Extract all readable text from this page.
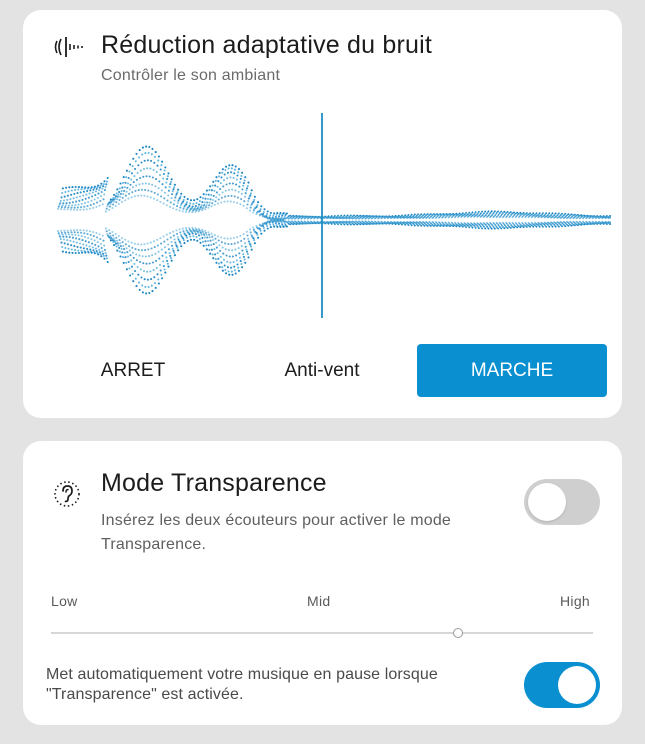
Réduction adaptative du bruit
Contrôler le son ambiant
ARRET	Anti-vent	MARCHE
Mode Transparence
Insérez les deux écouteurs pour activer le mode Transparence.
Low	Mid	High
Met automatiquement votre musique en pause lorsque "Transparence" est activée.
